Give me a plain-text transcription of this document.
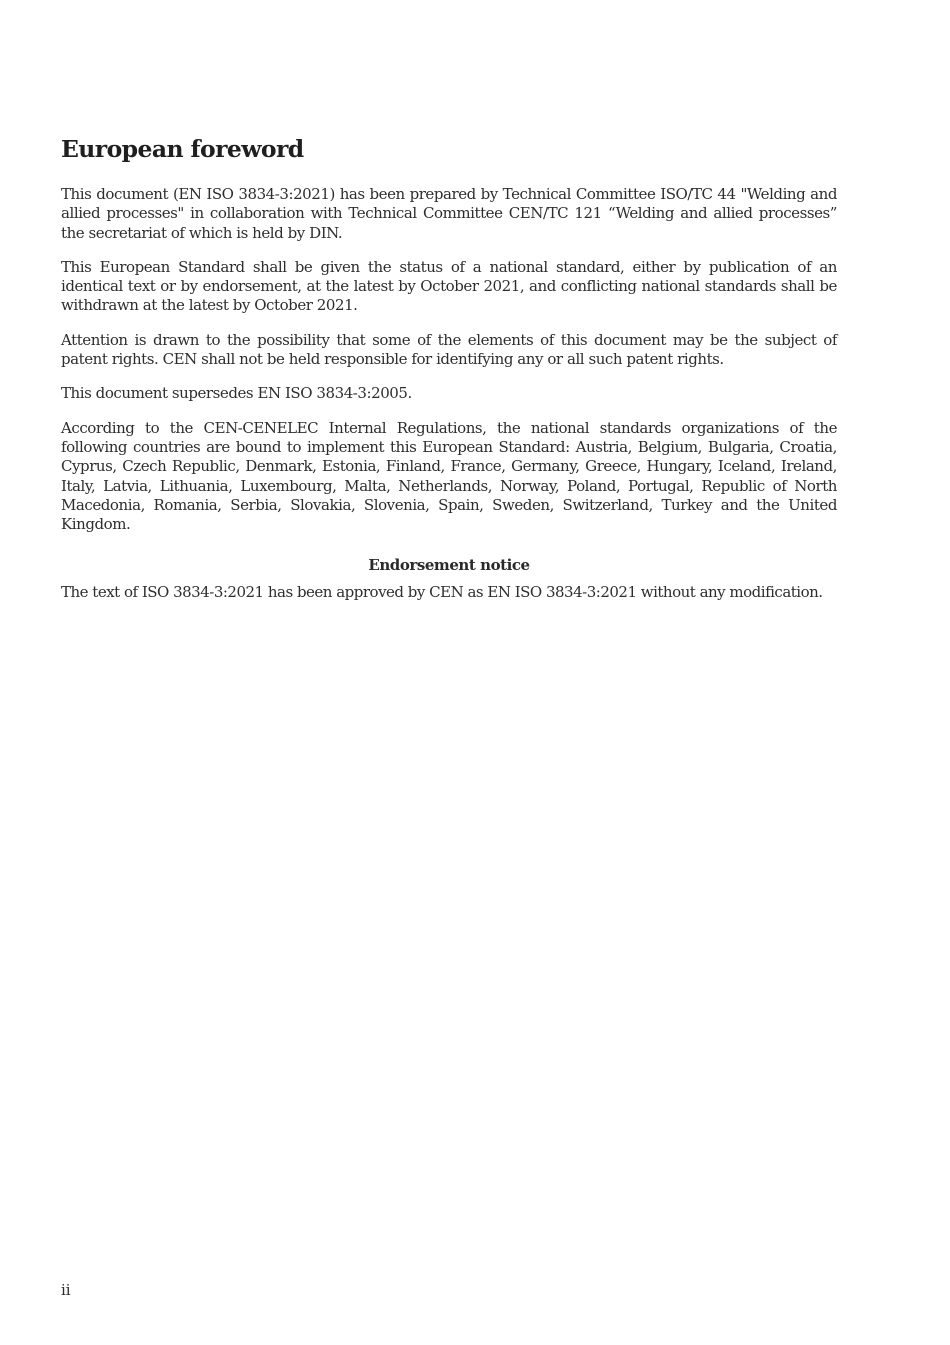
European foreword

This document (EN ISO 3834-3:2021) has been prepared by Technical Committee ISO/TC 44 "Welding and allied processes" in collaboration with Technical Committee CEN/TC 121 “Welding and allied processes” the secretariat of which is held by DIN.

This European Standard shall be given the status of a national standard, either by publication of an identical text or by endorsement, at the latest by October 2021, and conflicting national standards shall be withdrawn at the latest by October 2021.

Attention is drawn to the possibility that some of the elements of this document may be the subject of patent rights. CEN shall not be held responsible for identifying any or all such patent rights.

This document supersedes EN ISO 3834-3:2005.

According to the CEN-CENELEC Internal Regulations, the national standards organizations of the following countries are bound to implement this European Standard: Austria, Belgium, Bulgaria, Croatia, Cyprus, Czech Republic, Denmark, Estonia, Finland, France, Germany, Greece, Hungary, Iceland, Ireland, Italy, Latvia, Lithuania, Luxembourg, Malta, Netherlands, Norway, Poland, Portugal, Republic of North Macedonia, Romania, Serbia, Slovakia, Slovenia, Spain, Sweden, Switzerland, Turkey and the United Kingdom.

Endorsement notice

The text of ISO 3834-3:2021 has been approved by CEN as EN ISO 3834-3:2021 without any modification.

ii
